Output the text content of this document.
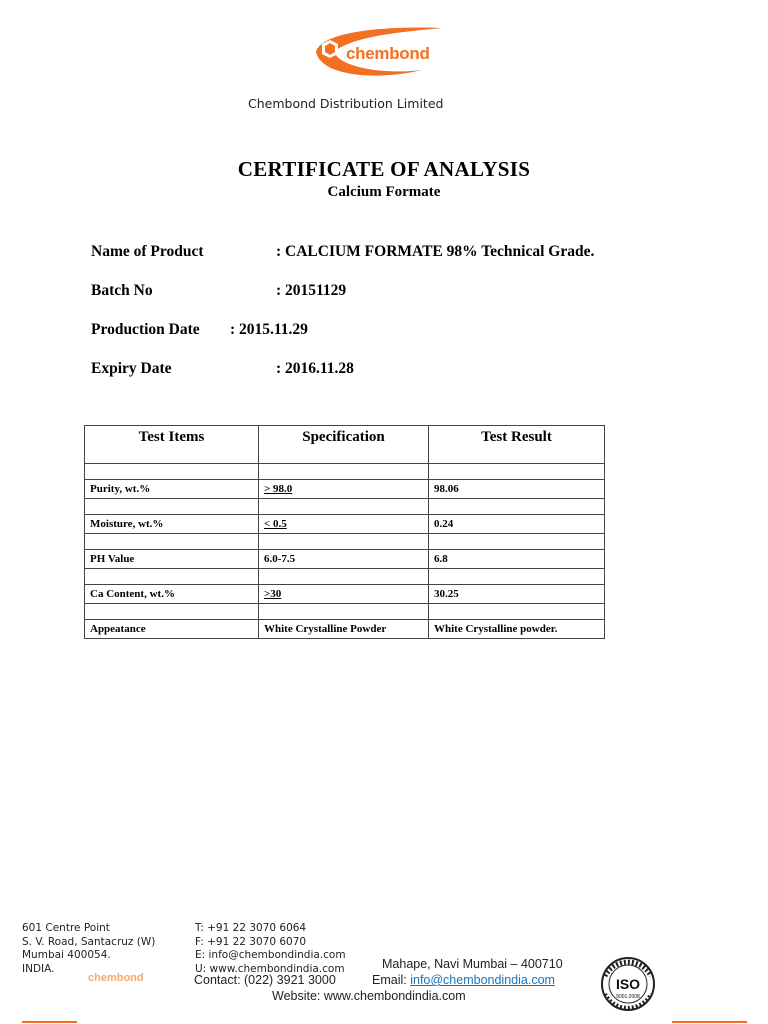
chembond
Chembond Distribution Limited
CERTIFICATE OF ANALYSIS
Calcium Formate
Name of Product	: CALCIUM FORMATE 98% Technical Grade.
Batch No	: 20151129
Production Date : 2015.11.29
Expiry Date	: 2016.11.28
Test Items	Specification	Test Result

Purity, wt.%	> 98.0	98.06

Moisture, wt.%	< 0.5	0.24

PH Value	6.0-7.5	6.8

Ca Content, wt.%	>30	30.25

Appeatance	White Crystalline Powder	White Crystalline powder.
chembond	Contact: (022) 3921 3000
Mahape, Navi Mumbai – 400710
Email: info@chembondindia.com
Website: www.chembondindia.com
601 Centre Point
S. V. Road, Santacruz (W)
Mumbai 400054.
INDIA.
T: +91 22 3070 6064
F: +91 22 3070 6070
E: info@chembondindia.com
U: www.chembondindia.com
ISO
9001:2008
